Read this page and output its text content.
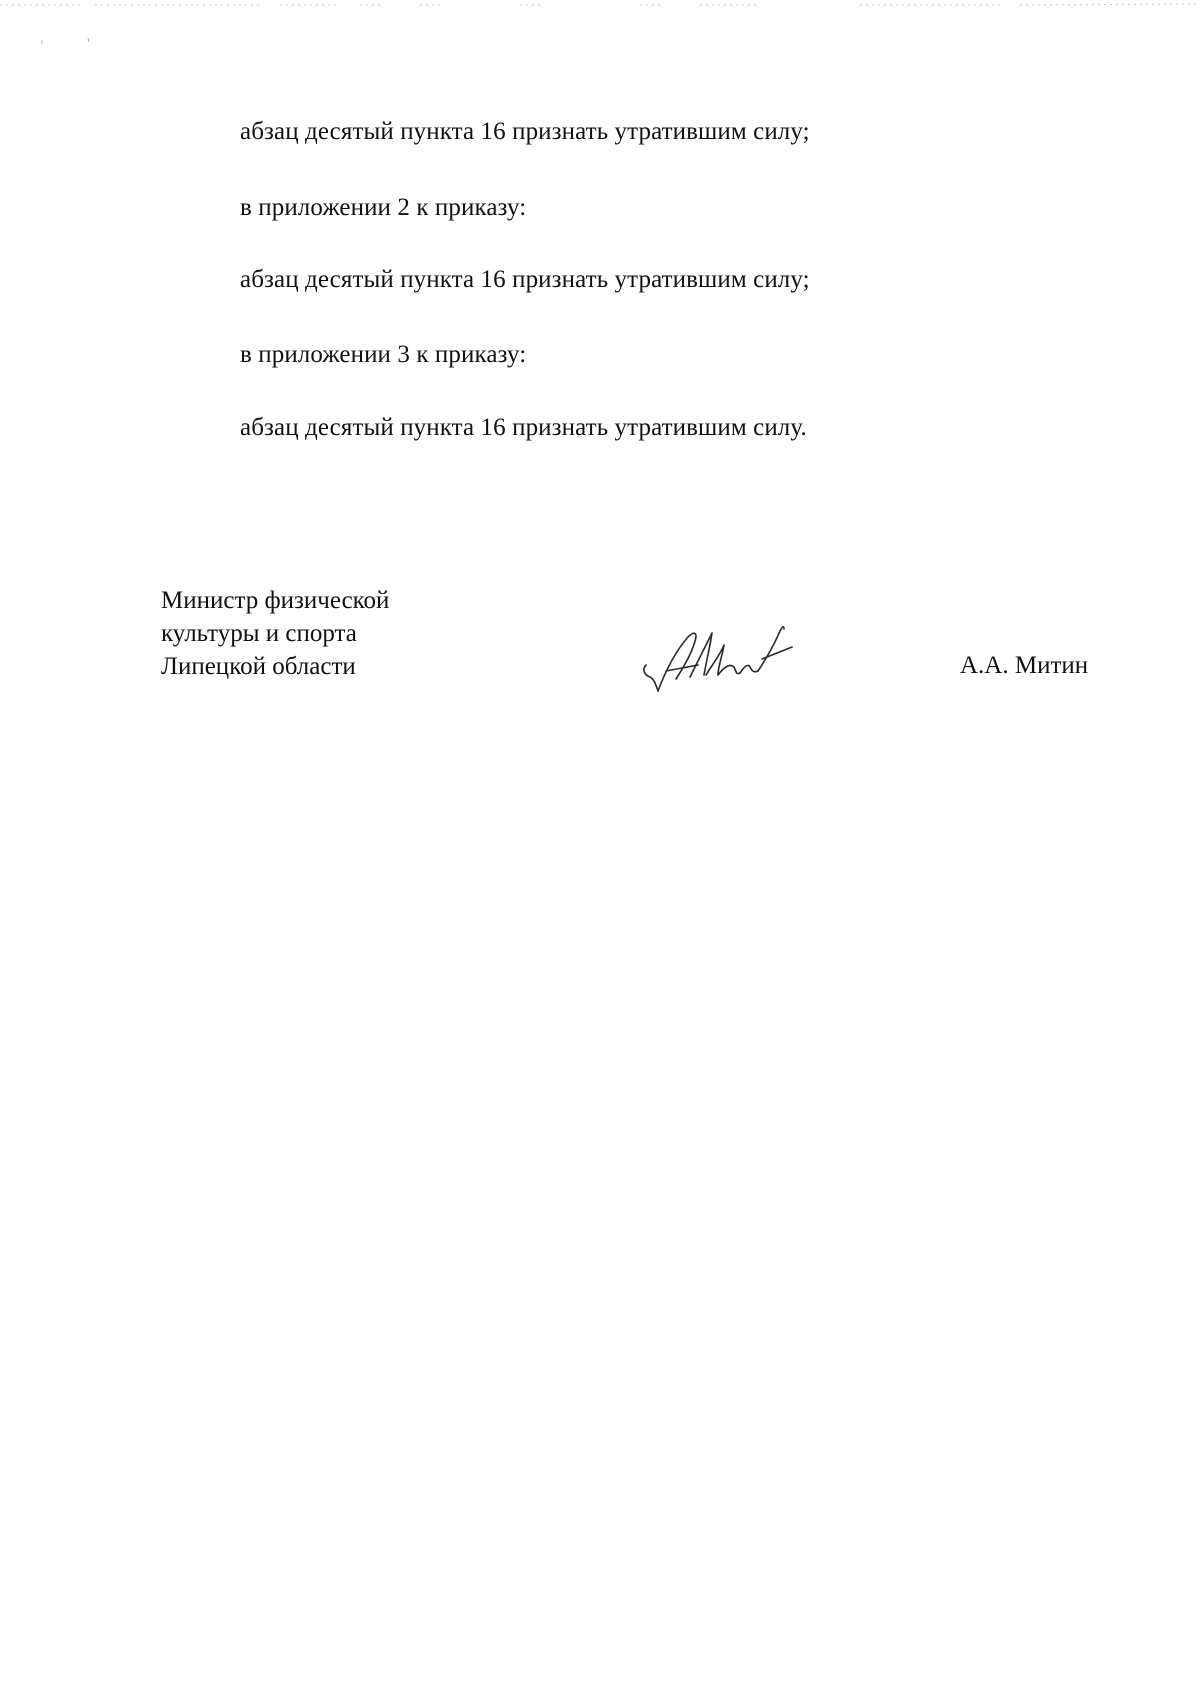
абзац десятый пункта 16 признать утратившим силу;
в приложении 2 к приказу:
абзац десятый пункта 16 признать утратившим силу;
в приложении 3 к приказу:
абзац десятый пункта 16 признать утратившим силу.
Министр физической
культуры и спорта
Липецкой области	А.А. Митин
